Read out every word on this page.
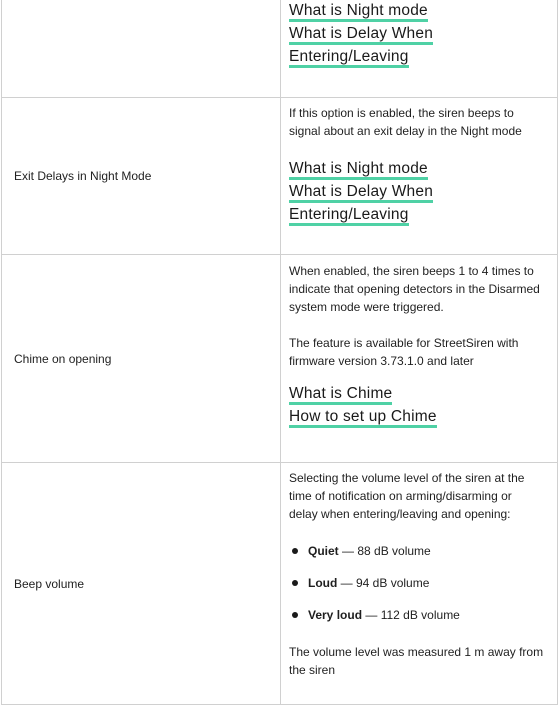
What is Night mode
What is Delay When
Entering/Leaving
Exit Delays in Night Mode

If this option is enabled, the siren beeps to

signal about an exit delay in the Night mode

What is Night mode
What is Delay When
Entering/Leaving
Chime on opening

When enabled, the siren beeps 1 to 4 times to

indicate that opening detectors in the Disarmed

system mode were triggered.

The feature is available for StreetSiren with

firmware version 3.73.1.0 and later

What is Chime
How to set up Chime
Beep volume

Selecting the volume level of the siren at the

time of notification on arming/disarming or

delay when entering/leaving and opening:

Quiet — 88 dB volume
Loud — 94 dB volume
Very loud — 112 dB volume

The volume level was measured 1 m away from

the siren
